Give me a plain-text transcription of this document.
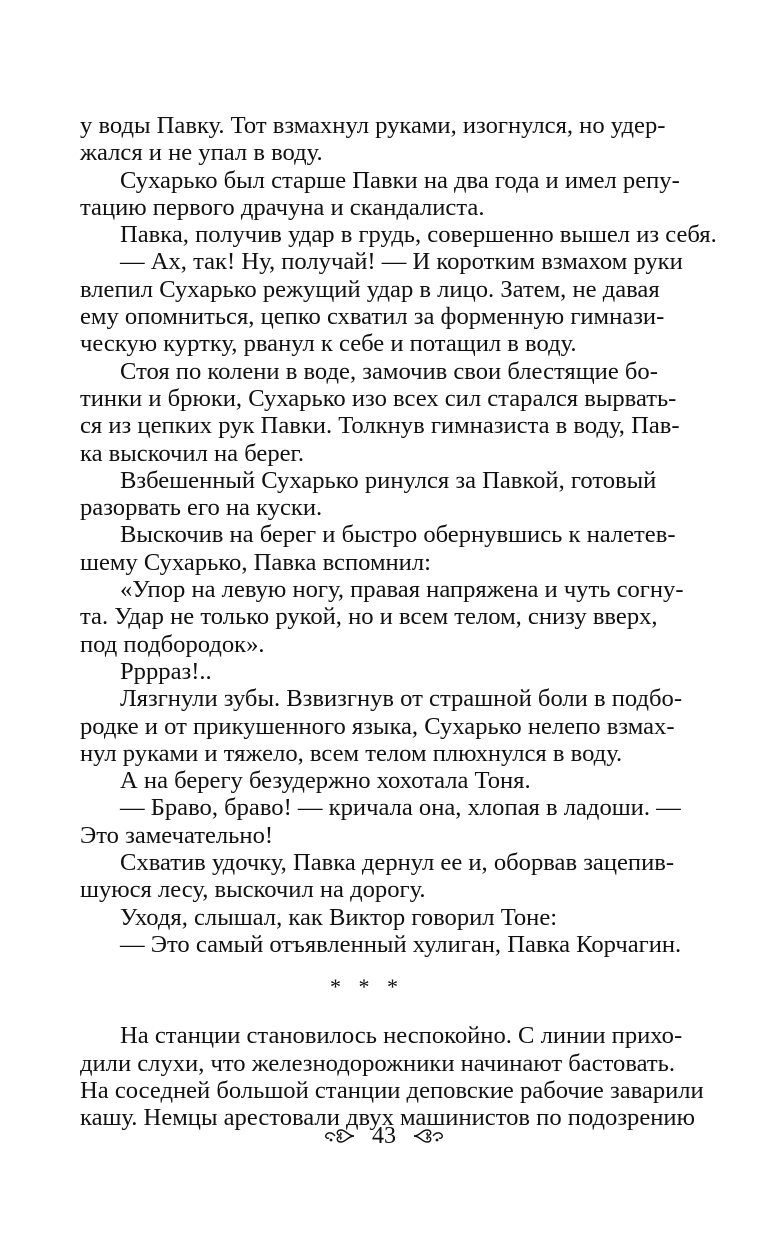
у воды Павку. Тот взмахнул руками, изогнулся, но удер-
жался и не упал в воду.
Сухарько был старше Павки на два года и имел репу-
тацию первого драчуна и скандалиста.
Павка, получив удар в грудь, совершенно вышел из себя.
— Ах, так! Ну, получай! — И коротким взмахом руки
влепил Сухарько режущий удар в лицо. Затем, не давая
ему опомниться, цепко схватил за форменную гимнази-
ческую куртку, рванул к себе и потащил в воду.
Стоя по колени в воде, замочив свои блестящие бо-
тинки и брюки, Сухарько изо всех сил старался вырвать-
ся из цепких рук Павки. Толкнув гимназиста в воду, Пав-
ка выскочил на берег.
Взбешенный Сухарько ринулся за Павкой, готовый
разорвать его на куски.
Выскочив на берег и быстро обернувшись к налетев-
шему Сухарько, Павка вспомнил:
«Упор на левую ногу, правая напряжена и чуть согну-
та. Удар не только рукой, но и всем телом, снизу вверх,
под подбородок».
Ррррaз!..
Лязгнули зубы. Взвизгнув от страшной боли в подбо-
родке и от прикушенного языка, Сухарько нелепо взмах-
нул руками и тяжело, всем телом плюхнулся в воду.
А на берегу безудержно хохотала Тоня.
— Браво, браво! — кричала она, хлопая в ладоши. —
Это замечательно!
Схватив удочку, Павка дернул ее и, оборвав зацепив-
шуюся лесу, выскочил на дорогу.
Уходя, слышал, как Виктор говорил Тоне:
— Это самый отъявленный хулиган, Павка Корчагин.
* * *
На станции становилось неспокойно. С линии прихо-
дили слухи, что железнодорожники начинают бастовать.
На соседней большой станции деповские рабочие заварили
кашу. Немцы арестовали двух машинистов по подозрению
43
